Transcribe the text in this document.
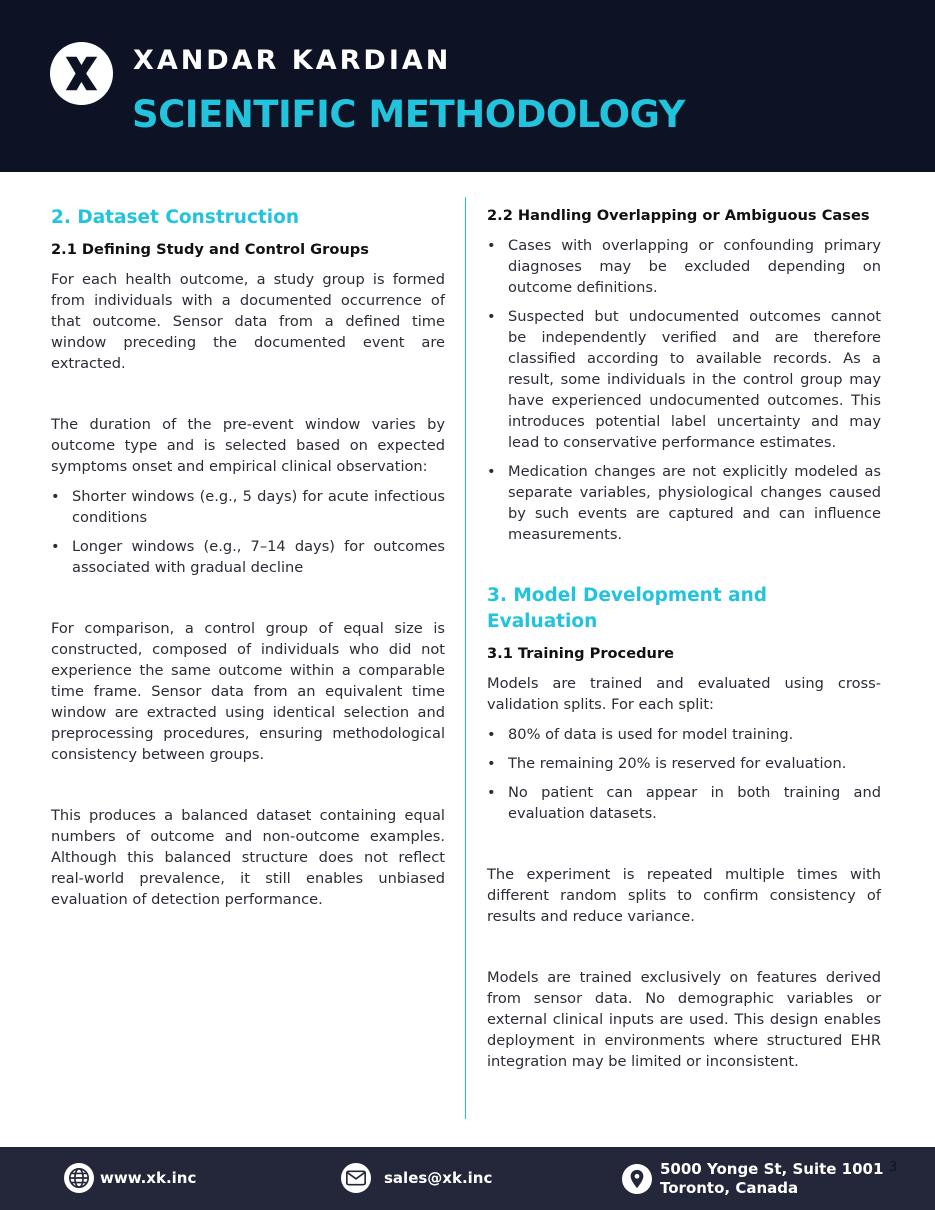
XANDAR KARDIAN
SCIENTIFIC METHODOLOGY
2. Dataset Construction
2.1 Defining Study and Control Groups

For each health outcome, a study group is formed from individuals with a documented occurrence of that outcome. Sensor data from a defined time window preceding the documented event are extracted.

The duration of the pre-event window varies by outcome type and is selected based on expected symptoms onset and empirical clinical observation:

• Shorter windows (e.g., 5 days) for acute infectious conditions
• Longer windows (e.g., 7–14 days) for outcomes associated with gradual decline

For comparison, a control group of equal size is constructed, composed of individuals who did not experience the same outcome within a comparable time frame. Sensor data from an equivalent time window are extracted using identical selection and preprocessing procedures, ensuring methodological consistency between groups.

This produces a balanced dataset containing equal numbers of outcome and non-outcome examples. Although this balanced structure does not reflect real-world prevalence, it still enables unbiased evaluation of detection performance.

2.2 Handling Overlapping or Ambiguous Cases
• Cases with overlapping or confounding primary diagnoses may be excluded depending on outcome definitions.
• Suspected but undocumented outcomes cannot be independently verified and are therefore classified according to available records. As a result, some individuals in the control group may have experienced undocumented outcomes. This introduces potential label uncertainty and may lead to conservative performance estimates.
• Medication changes are not explicitly modeled as separate variables, physiological changes caused by such events are captured and can influence measurements.
3. Model Development and Evaluation
3.1 Training Procedure

Models are trained and evaluated using cross-validation splits. For each split:

• 80% of data is used for model training.
• The remaining 20% is reserved for evaluation.
• No patient can appear in both training and evaluation datasets.

The experiment is repeated multiple times with different random splits to confirm consistency of results and reduce variance.

Models are trained exclusively on features derived from sensor data. No demographic variables or external clinical inputs are used. This design enables deployment in environments where structured EHR integration may be limited or inconsistent.

www.xk.inc	sales@xk.inc	5000 Yonge St, Suite 1001
Toronto, Canada
3
